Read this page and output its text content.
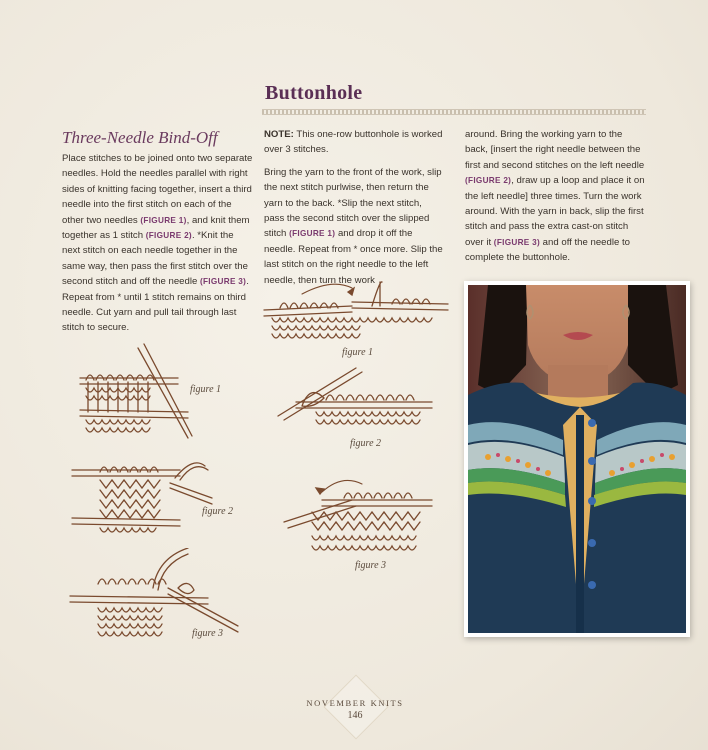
Buttonhole
Three-Needle Bind-Off
Place stitches to be joined onto two separate needles. Hold the needles parallel with right sides of knitting facing together, insert a third needle into the first stitch on each of the other two needles (FIGURE 1), and knit them together as 1 stitch (FIGURE 2). *Knit the next stitch on each needle together in the same way, then pass the first stitch over the second stitch and off the needle (FIGURE 3). Repeat from * until 1 stitch remains on third needle. Cut yarn and pull tail through last stitch to secure.
figure 1
figure 2
figure 3

NOTE: This one-row buttonhole is worked over 3 stitches.

Bring the yarn to the front of the work, slip the next stitch purlwise, then return the yarn to the back. *Slip the next stitch, pass the second stitch over the slipped stitch (FIGURE 1) and drop it off the needle. Repeat from * once more. Slip the last stitch on the right needle to the left needle, then turn the work

figure 1
figure 2
figure 3
around. Bring the working yarn to the back, [insert the right needle between the first and second stitches on the left needle (FIGURE 2), draw up a loop and place it on the left needle] three times. Turn the work around. With the yarn in back, slip the first stitch and pass the extra cast-on stitch over it (FIGURE 3) and off the needle to complete the buttonhole.
NOVEMBER KNITS
146
